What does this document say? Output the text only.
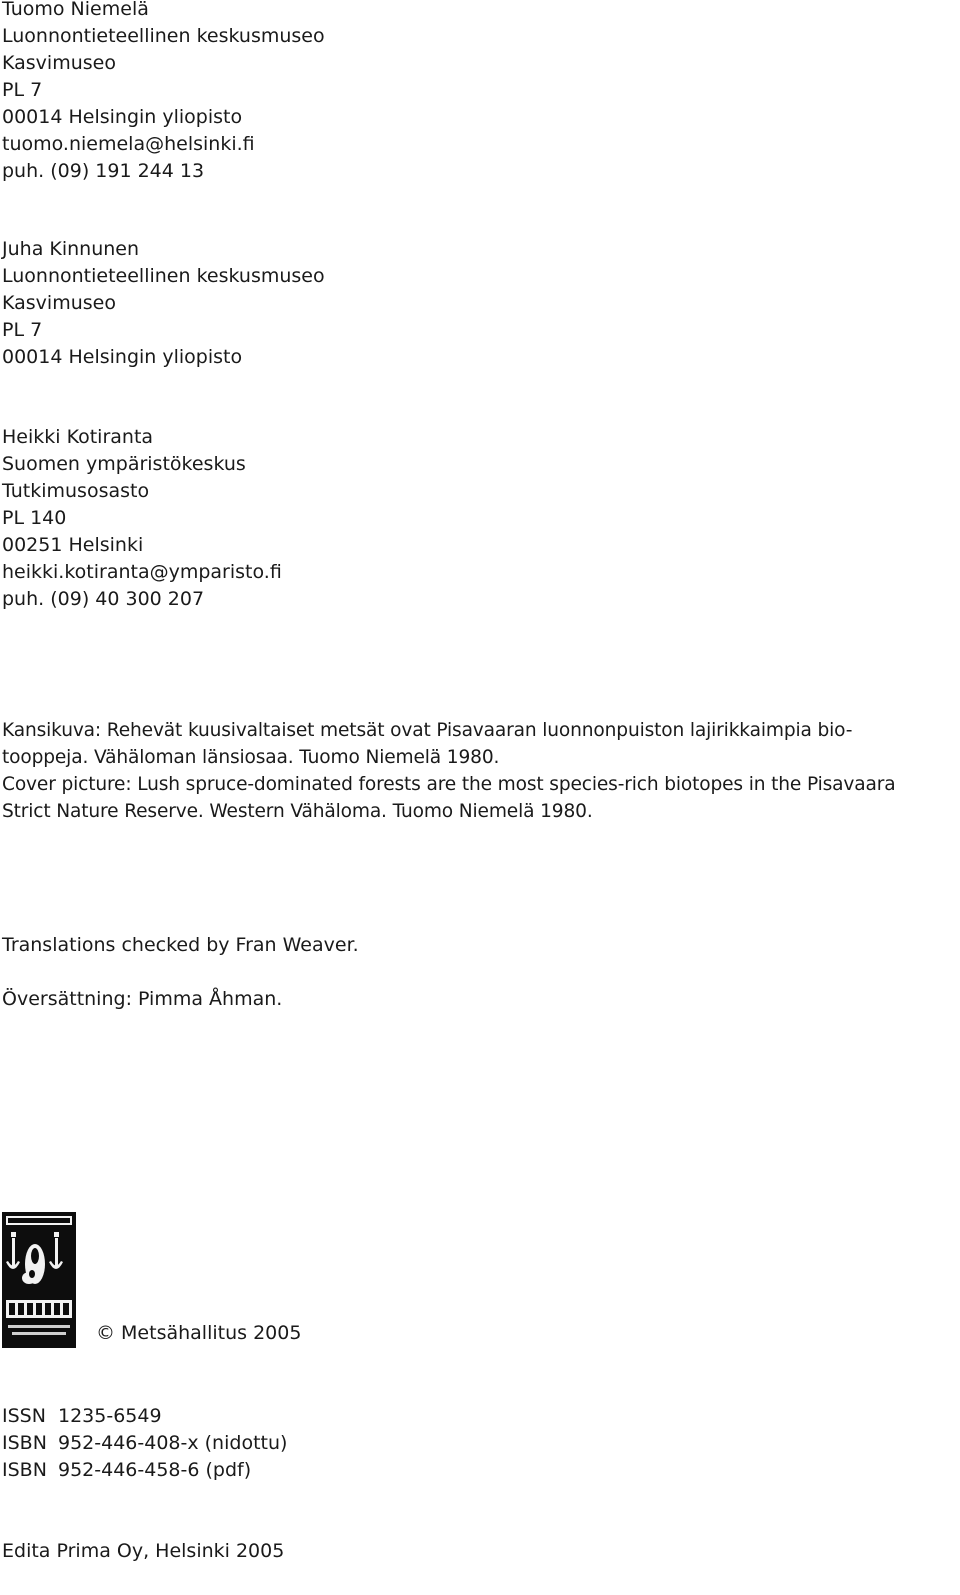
Tuomo Niemelä
Luonnontieteellinen keskusmuseo
Kasvimuseo
PL 7
00014 Helsingin yliopisto
tuomo.niemela@helsinki.fi
puh. (09) 191 244 13
Juha Kinnunen
Luonnontieteellinen keskusmuseo
Kasvimuseo
PL 7
00014 Helsingin yliopisto
Heikki Kotiranta
Suomen ympäristökeskus
Tutkimusosasto
PL 140
00251 Helsinki
heikki.kotiranta@ymparisto.fi
puh. (09) 40 300 207
Kansikuva: Rehevät kuusivaltaiset metsät ovat Pisavaaran luonnonpuiston lajirikkaimpia bio-
tooppeja. Vähäloman länsiosaa. Tuomo Niemelä 1980.
Cover picture: Lush spruce-dominated forests are the most species-rich biotopes in the Pisavaara
Strict Nature Reserve. Western Vähäloma. Tuomo Niemelä 1980.
Translations checked by Fran Weaver.
Översättning: Pimma Åhman.
© Metsähallitus 2005
ISSN 1235-6549
ISBN 952-446-408-x (nidottu)
ISBN 952-446-458-6 (pdf)
Edita Prima Oy, Helsinki 2005
